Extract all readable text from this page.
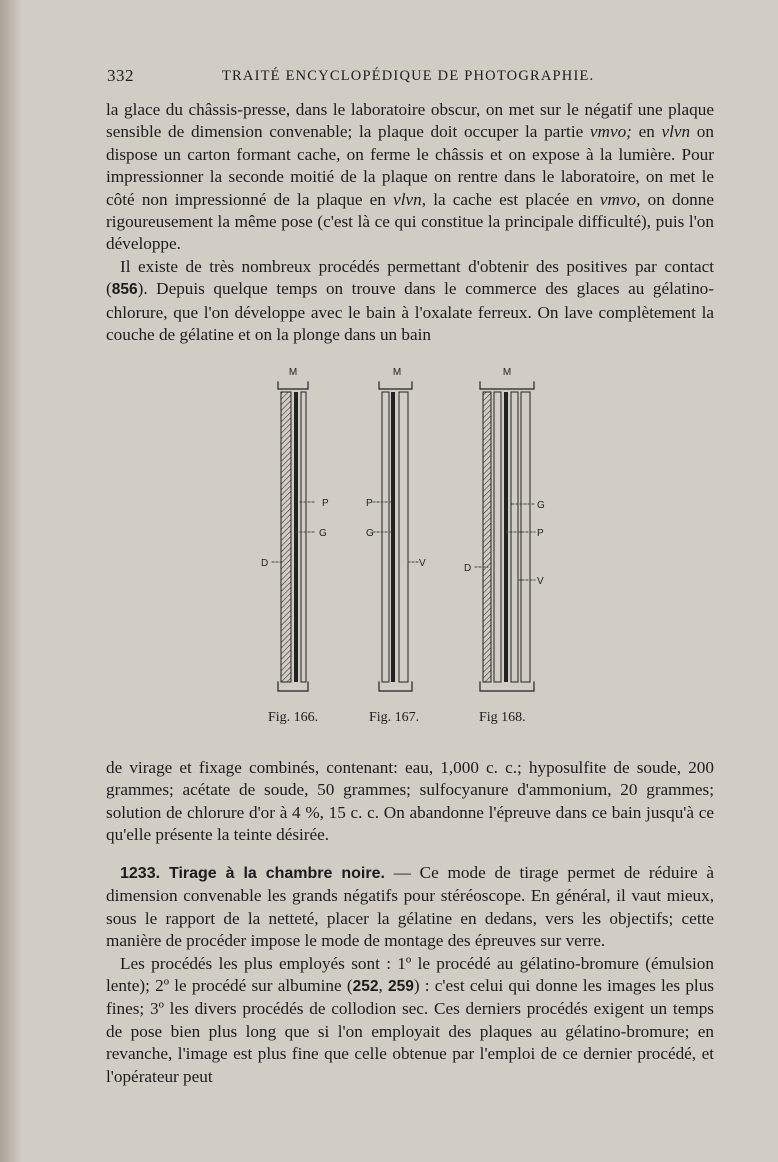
332	TRAITÉ ENCYCLOPÉDIQUE DE PHOTOGRAPHIE.

la glace du châssis-presse, dans le laboratoire obscur, on met sur le négatif une plaque sensible de dimension convenable; la plaque doit occuper la partie vmvo; en vlvn on dispose un carton formant cache, on ferme le châssis et on expose à la lumière. Pour impressionner la seconde moitié de la plaque on rentre dans le laboratoire, on met le côté non impressionné de la plaque en vlvn, la cache est placée en vmvo, on donne rigoureusement la même pose (c'est là ce qui constitue la principale difficulté), puis l'on développe.

Il existe de très nombreux procédés permettant d'obtenir des positives par contact (856). Depuis quelque temps on trouve dans le commerce des glaces au gélatino-chlorure, que l'on développe avec le bain à l'oxalate ferreux. On lave complètement la couche de gélatine et on la plonge dans un bain

M
P
G
D
M
P
G
V
M
G
P
D
V
Fig. 166.	Fig. 167.	Fig 168.

de virage et fixage combinés, contenant: eau, 1,000 c. c.; hyposulfite de soude, 200 grammes; acétate de soude, 50 grammes; sulfocyanure d'ammonium, 20 grammes; solution de chlorure d'or à 4 %, 15 c. c. On abandonne l'épreuve dans ce bain jusqu'à ce qu'elle présente la teinte désirée.

1233. Tirage à la chambre noire. — Ce mode de tirage permet de réduire à dimension convenable les grands négatifs pour stéréoscope. En général, il vaut mieux, sous le rapport de la netteté, placer la gélatine en dedans, vers les objectifs; cette manière de procéder impose le mode de montage des épreuves sur verre.

Les procédés les plus employés sont : 1º le procédé au gélatino-bromure (émulsion lente); 2º le procédé sur albumine (252, 259) : c'est celui qui donne les images les plus fines; 3º les divers procédés de collodion sec. Ces derniers procédés exigent un temps de pose bien plus long que si l'on employait des plaques au gélatino-bromure; en revanche, l'image est plus fine que celle obtenue par l'emploi de ce dernier procédé, et l'opérateur peut
